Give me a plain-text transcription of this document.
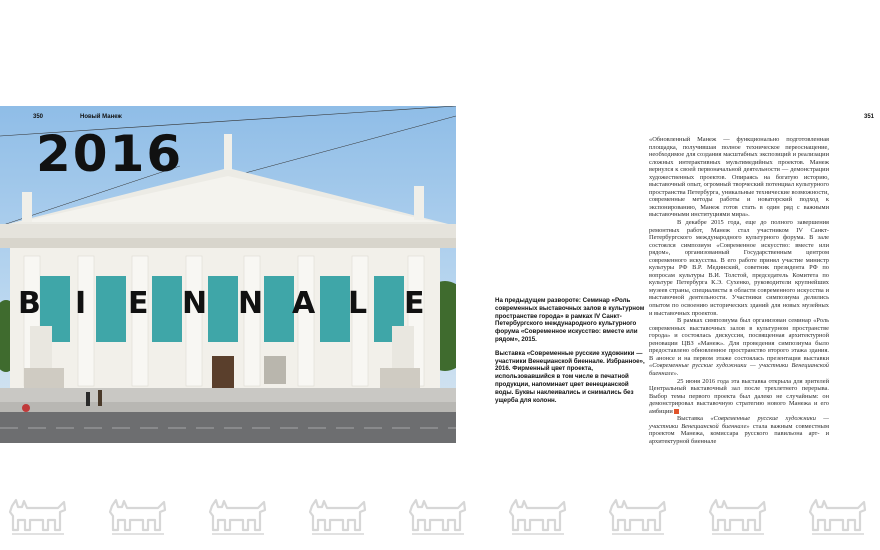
B I E N N A L E
350	Новый Манеж
2016

На предыдущем развороте: Семинар «Роль современных выставочных залов в культурном пространстве города» в рамках IV Санкт-Петербургского международного культурного форума «Современное искусство: вместе или рядом», 2015.

Выставка «Современные русские художники — участники Венецианской биеннале. Избранное», 2016. Фирменный цвет проекта, использовавшийся в том числе в печатной продукции, напоминает цвет венецианской воды. Буквы наклеивались и снимались без ущерба для колонн.

351

«Обновленный Манеж — функционально подготовленная площадка, получившая полное техническое переоснащение, необходимое для создания масштабных экспозиций и реализации сложных интерактивных мультимедийных проектов. Манеж вернулся к своей первоначальной деятельности — демонстрации художественных проектов. Опираясь на богатую историю, выставочный опыт, огромный творческий потенциал культурного пространства Петербурга, уникальные технические возможности, современные методы работы и новаторский подход к экспонированию, Манеж готов стать в один ряд с важными выставочными институциями мира».

В декабре 2015 года, еще до полного завершения ремонтных работ, Манеж стал участником IV Санкт-Петербургского международного культурного форума. В зале состоялся симпозиум «Современное искусство: вместе или рядом», организованный Государственным центром современного искусства. В его работе принял участие министр культуры РФ В.Р. Мединский, советник президента РФ по вопросам культуры В.И. Толстой, председатель Комитета по культуре Петербурга К.Э. Сухенко, руководители крупнейших музеев страны, специалисты в области современного искусства и выставочной деятельности. Участники симпозиума делились опытом по освоению исторических зданий для новых музейных и выставочных проектов.

В рамках симпозиума был организован семинар «Роль современных выставочных залов в культурном пространстве города» и состоялась дискуссия, посвященная архитектурной реновации ЦВЗ «Манеж». Для проведения симпозиума было предоставлено обновленное пространство второго этажа здания. В анонсе и на первом этаже состоялась презентация выставки «Современные русские художники — участники Венецианской биеннале».

25 июня 2016 года эта выставка открыла для зрителей Центральный выставочный зал после трехлетнего перерыва. Выбор темы первого проекта был далеко не случайным: он демонстрировал выставочную стратегию нового Манежа и его амбиции

Выставка «Современные русские художники — участники Венецианской биеннале» стала важным совместным проектом Манежа, комиссара русского павильона арт- и архитектурной биеннале
